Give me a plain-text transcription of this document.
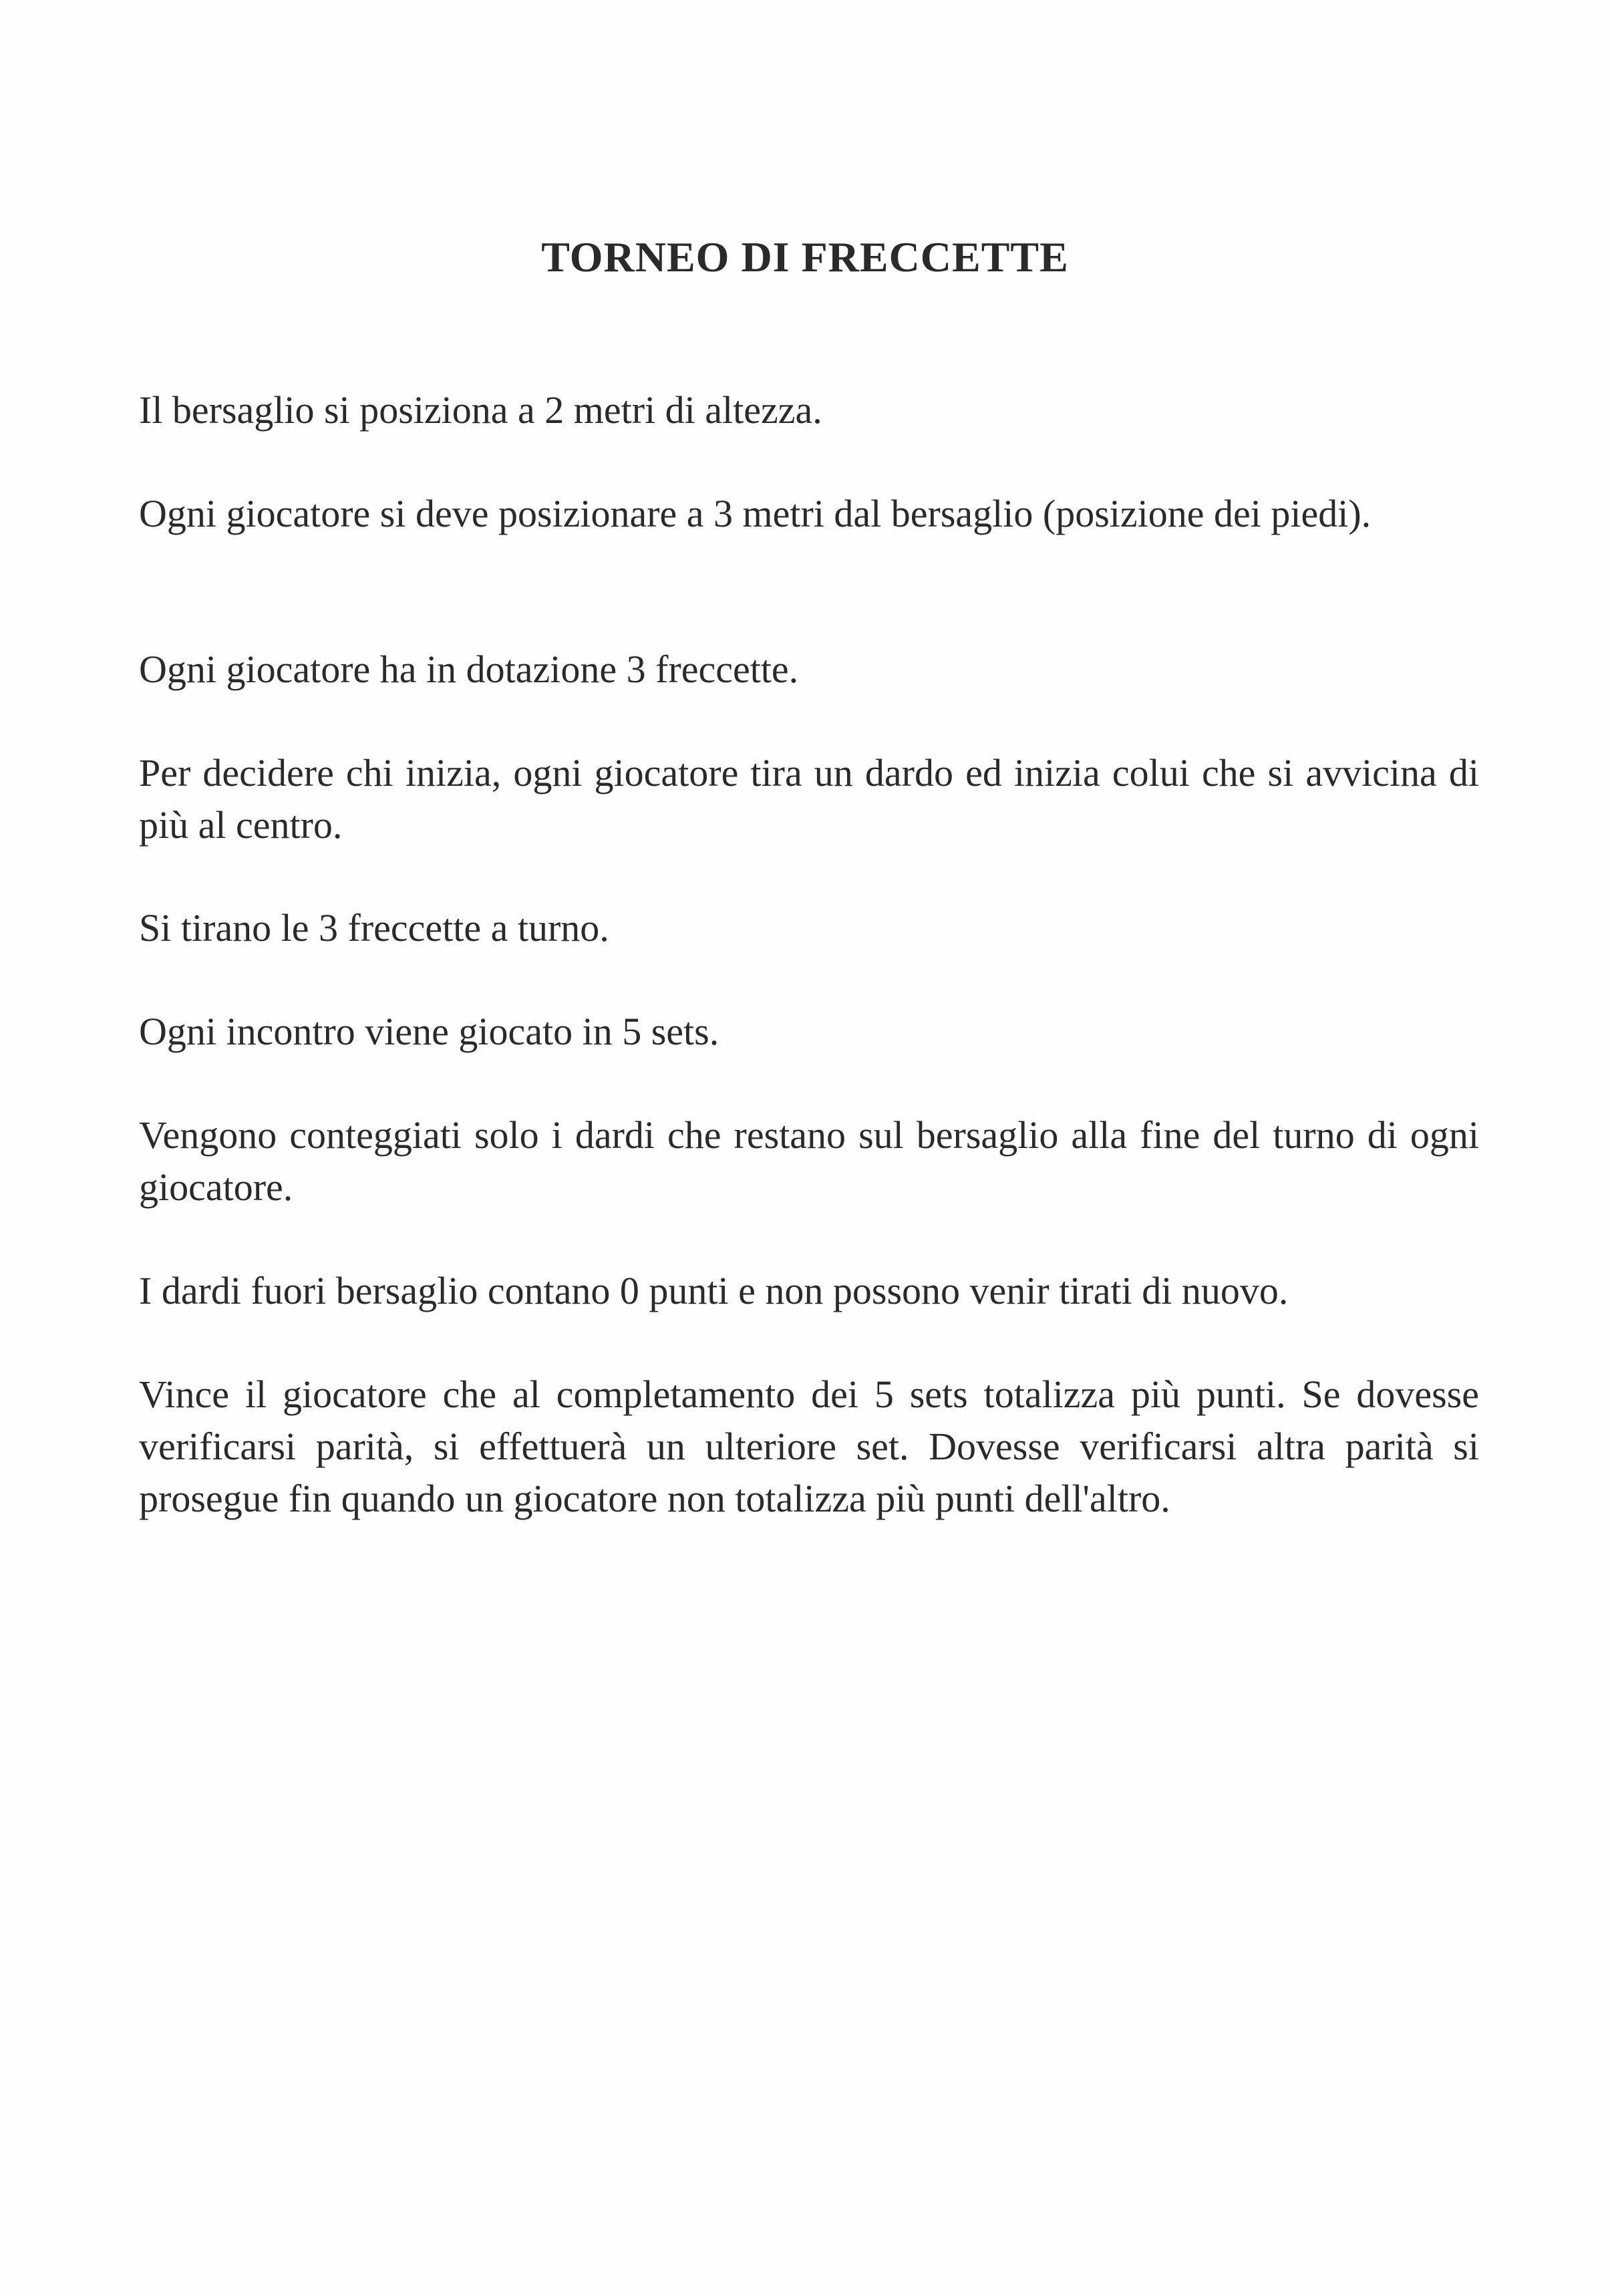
TORNEO DI FRECCETTE

Il bersaglio si posiziona a 2 metri di altezza.

Ogni giocatore si deve posizionare a 3 metri dal bersaglio (posizione dei piedi).

Ogni giocatore ha in dotazione 3 freccette.

Per decidere chi inizia, ogni giocatore tira un dardo ed inizia colui che si avvicina di più al centro.

Si tirano le 3 freccette a turno.

Ogni incontro viene giocato in 5 sets.

Vengono conteggiati solo i dardi che restano sul bersaglio alla fine del turno di ogni giocatore.

I dardi fuori bersaglio contano 0 punti e non possono venir tirati di nuovo.

Vince il giocatore che al completamento dei 5 sets totalizza più punti. Se dovesse verificarsi parità, si effettuerà un ulteriore set. Dovesse verificarsi altra parità si prosegue fin quando un giocatore non totalizza più punti dell'altro.
